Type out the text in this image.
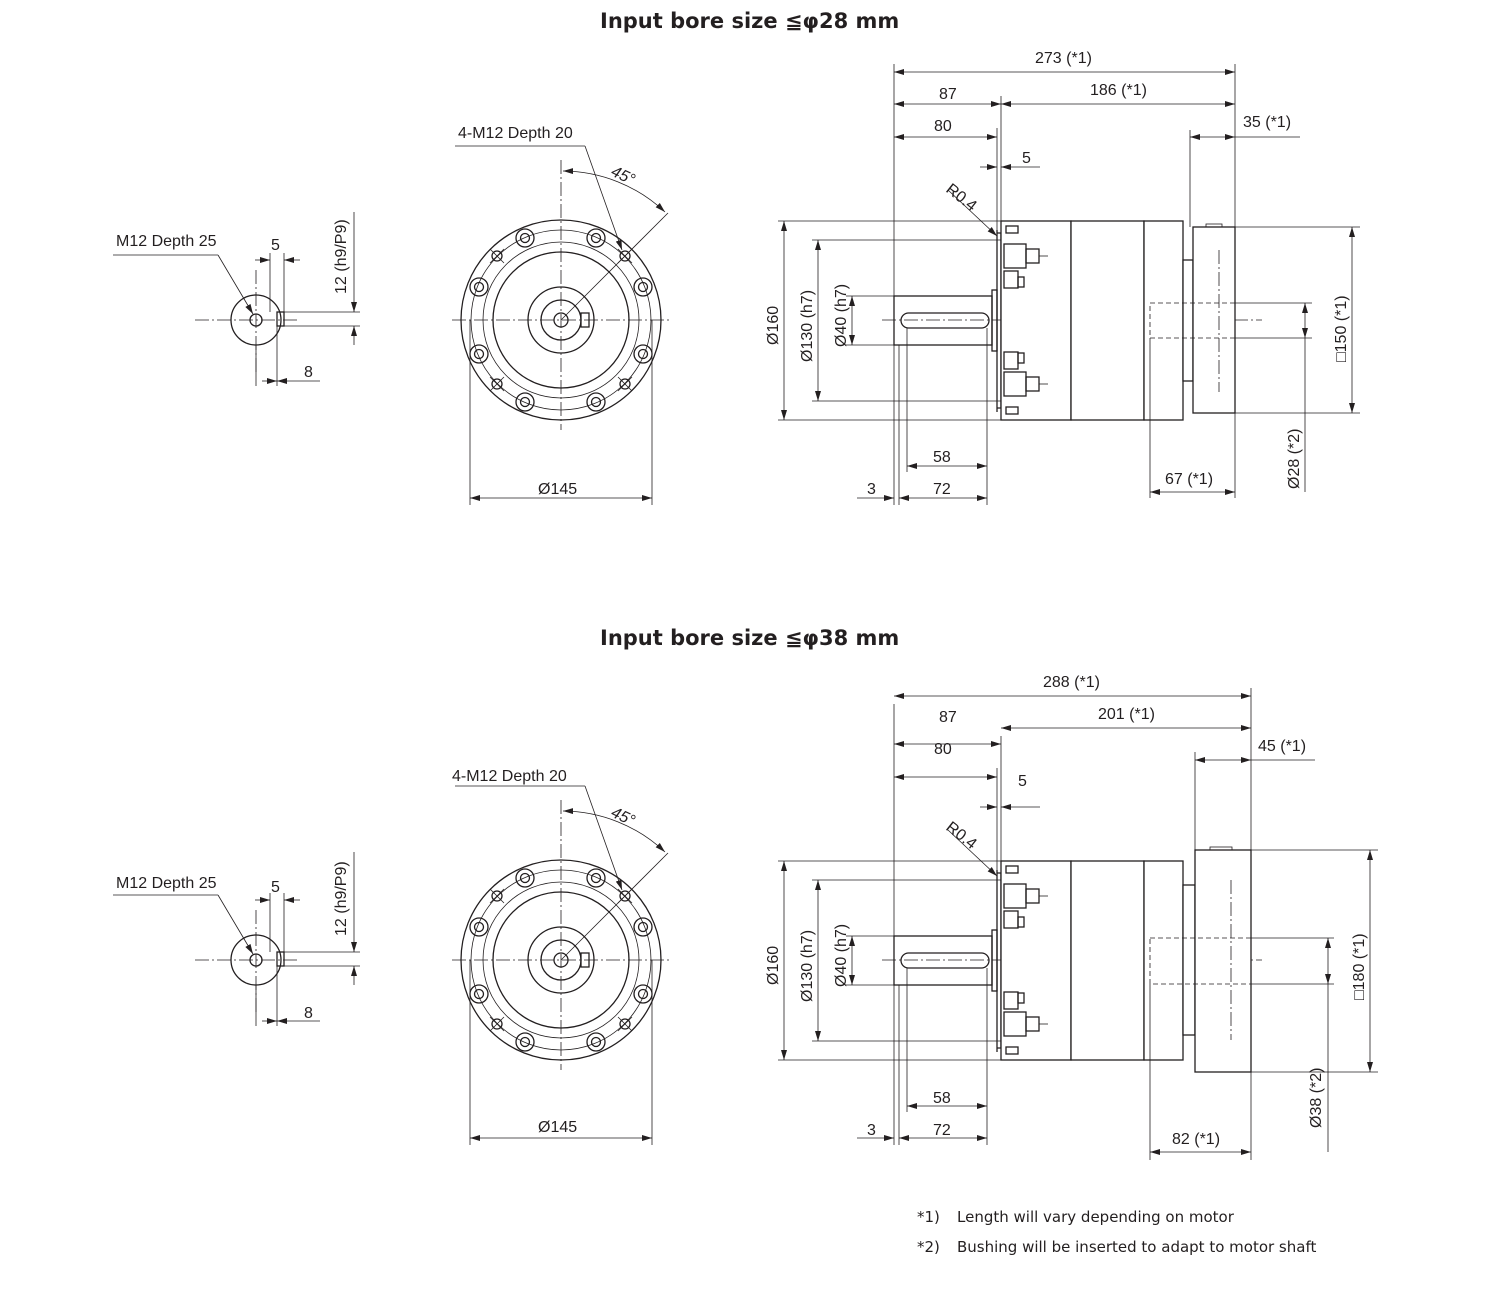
Input bore size ≦φ28 mm
M12 Depth 25	5	12 (h9/P9)
8
4-M12 Depth 20
45°
Ø145
273 (*1)
87	186 (*1)
80
5
R0.4
35 (*1)
Ø160 Ø130 (h7) Ø40 (h7)	□150 (*1)
Ø28 (*2)
58
3	72
67 (*1)
Input bore size ≦φ38 mm
M12 Depth 25	5	12 (h9/P9)
8
4-M12 Depth 20
45°
Ø145
288 (*1)
87	201 (*1)
80
5
R0.4
45 (*1)
Ø160 Ø130 (h7) Ø40 (h7)	□180 (*1)
Ø38 (*2)
58
3	72
82 (*1)
*1) Length will vary depending on motor
*2) Bushing will be inserted to adapt to motor shaft
